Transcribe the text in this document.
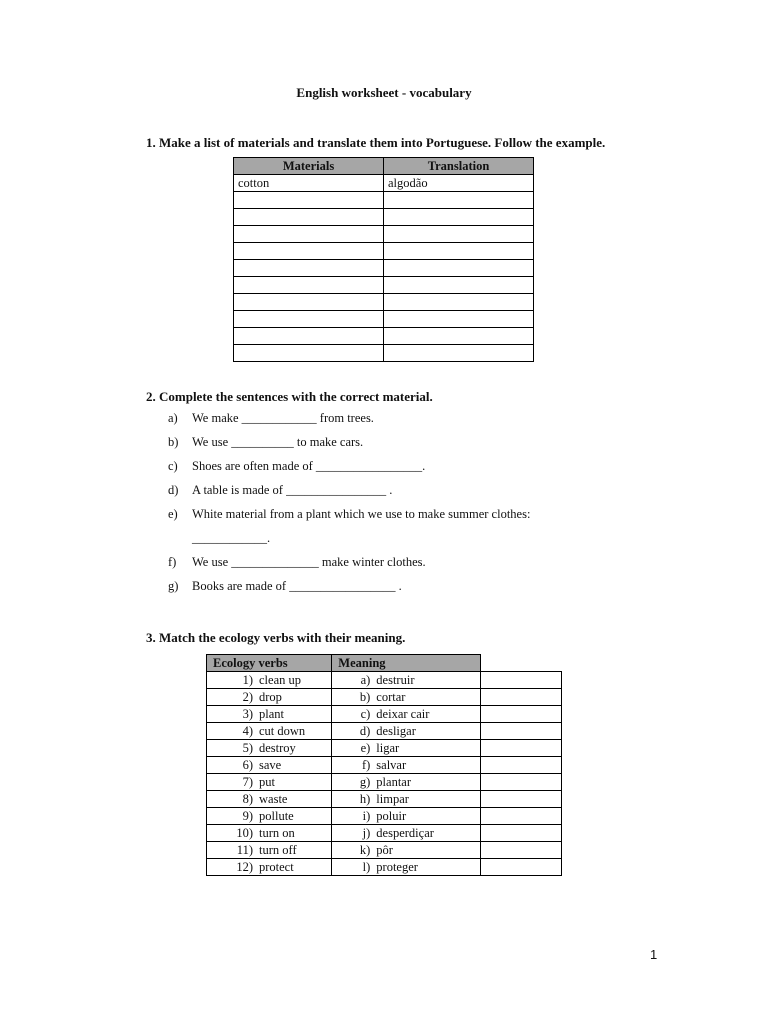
English worksheet - vocabulary
1. Make a list of materials and translate them into Portuguese. Follow the example.
Materials	Translation
cotton	algodão

2. Complete the sentences with the correct material.
a) We make ____________ from trees.
b) We use __________ to make cars.
c) Shoes are often made of _________________.
d) A table is made of ________________ .
e) White material from a plant which we use to make summer clothes:
____________.
f) We use ______________ make winter clothes.
g) Books are made of _________________ .
3. Match the ecology verbs with their meaning.
Ecology verbs	Meaning	
1) clean up	a) destruir	
2) drop	b) cortar	
3) plant	c) deixar cair	
4) cut down	d) desligar	
5) destroy	e) ligar	
6) save	f) salvar	
7) put	g) plantar	
8) waste	h) limpar	
9) pollute	i) poluir	
10) turn on	j) desperdiçar	
11) turn off	k) pôr	
12) protect	l) proteger	
1
